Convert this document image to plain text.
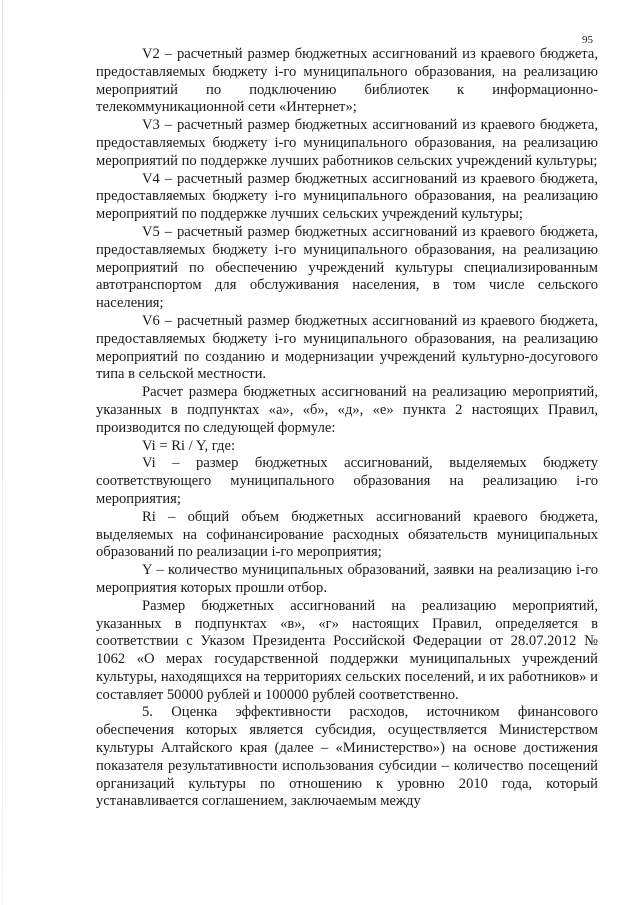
95

V2 – расчетный размер бюджетных ассигнований из краевого бюджета, предоставляемых бюджету i-го муниципального образования, на реализацию мероприятий по подключению библиотек к информационно-телекоммуникационной сети «Интернет»;

V3 – расчетный размер бюджетных ассигнований из краевого бюджета, предоставляемых бюджету i-го муниципального образования, на реализацию мероприятий по поддержке лучших работников сельских учреждений культуры;

V4 – расчетный размер бюджетных ассигнований из краевого бюджета, предоставляемых бюджету i-го муниципального образования, на реализацию мероприятий по поддержке лучших сельских учреждений культуры;

V5 – расчетный размер бюджетных ассигнований из краевого бюджета, предоставляемых бюджету i-го муниципального образования, на реализацию мероприятий по обеспечению учреждений культуры специализированным автотранспортом для обслуживания населения, в том числе сельского населения;

V6 – расчетный размер бюджетных ассигнований из краевого бюджета, предоставляемых бюджету i-го муниципального образования, на реализацию мероприятий по созданию и модернизации учреждений культурно-досугового типа в сельской местности.

Расчет размера бюджетных ассигнований на реализацию мероприятий, указанных в подпунктах «а», «б», «д», «е» пункта 2 настоящих Правил, производится по следующей формуле:

Vi = Ri / Y, где:

Vi – размер бюджетных ассигнований, выделяемых бюджету соответствующего муниципального образования на реализацию i-го мероприятия;

Ri – общий объем бюджетных ассигнований краевого бюджета, выделяемых на софинансирование расходных обязательств муниципальных образований по реализации i-го мероприятия;

Y – количество муниципальных образований, заявки на реализацию i-го мероприятия которых прошли отбор.

Размер бюджетных ассигнований на реализацию мероприятий, указанных в подпунктах «в», «г» настоящих Правил, определяется в соответствии с Указом Президента Российской Федерации от 28.07.2012 № 1062 «О мерах государственной поддержки муниципальных учреждений культуры, находящихся на территориях сельских поселений, и их работников» и составляет 50000 рублей и 100000 рублей соответственно.

5. Оценка эффективности расходов, источником финансового обеспечения которых является субсидия, осуществляется Министерством культуры Алтайского края (далее – «Министерство») на основе достижения показателя результативности использования субсидии – количество посещений организаций культуры по отношению к уровню 2010 года, который устанавливается соглашением, заключаемым между
